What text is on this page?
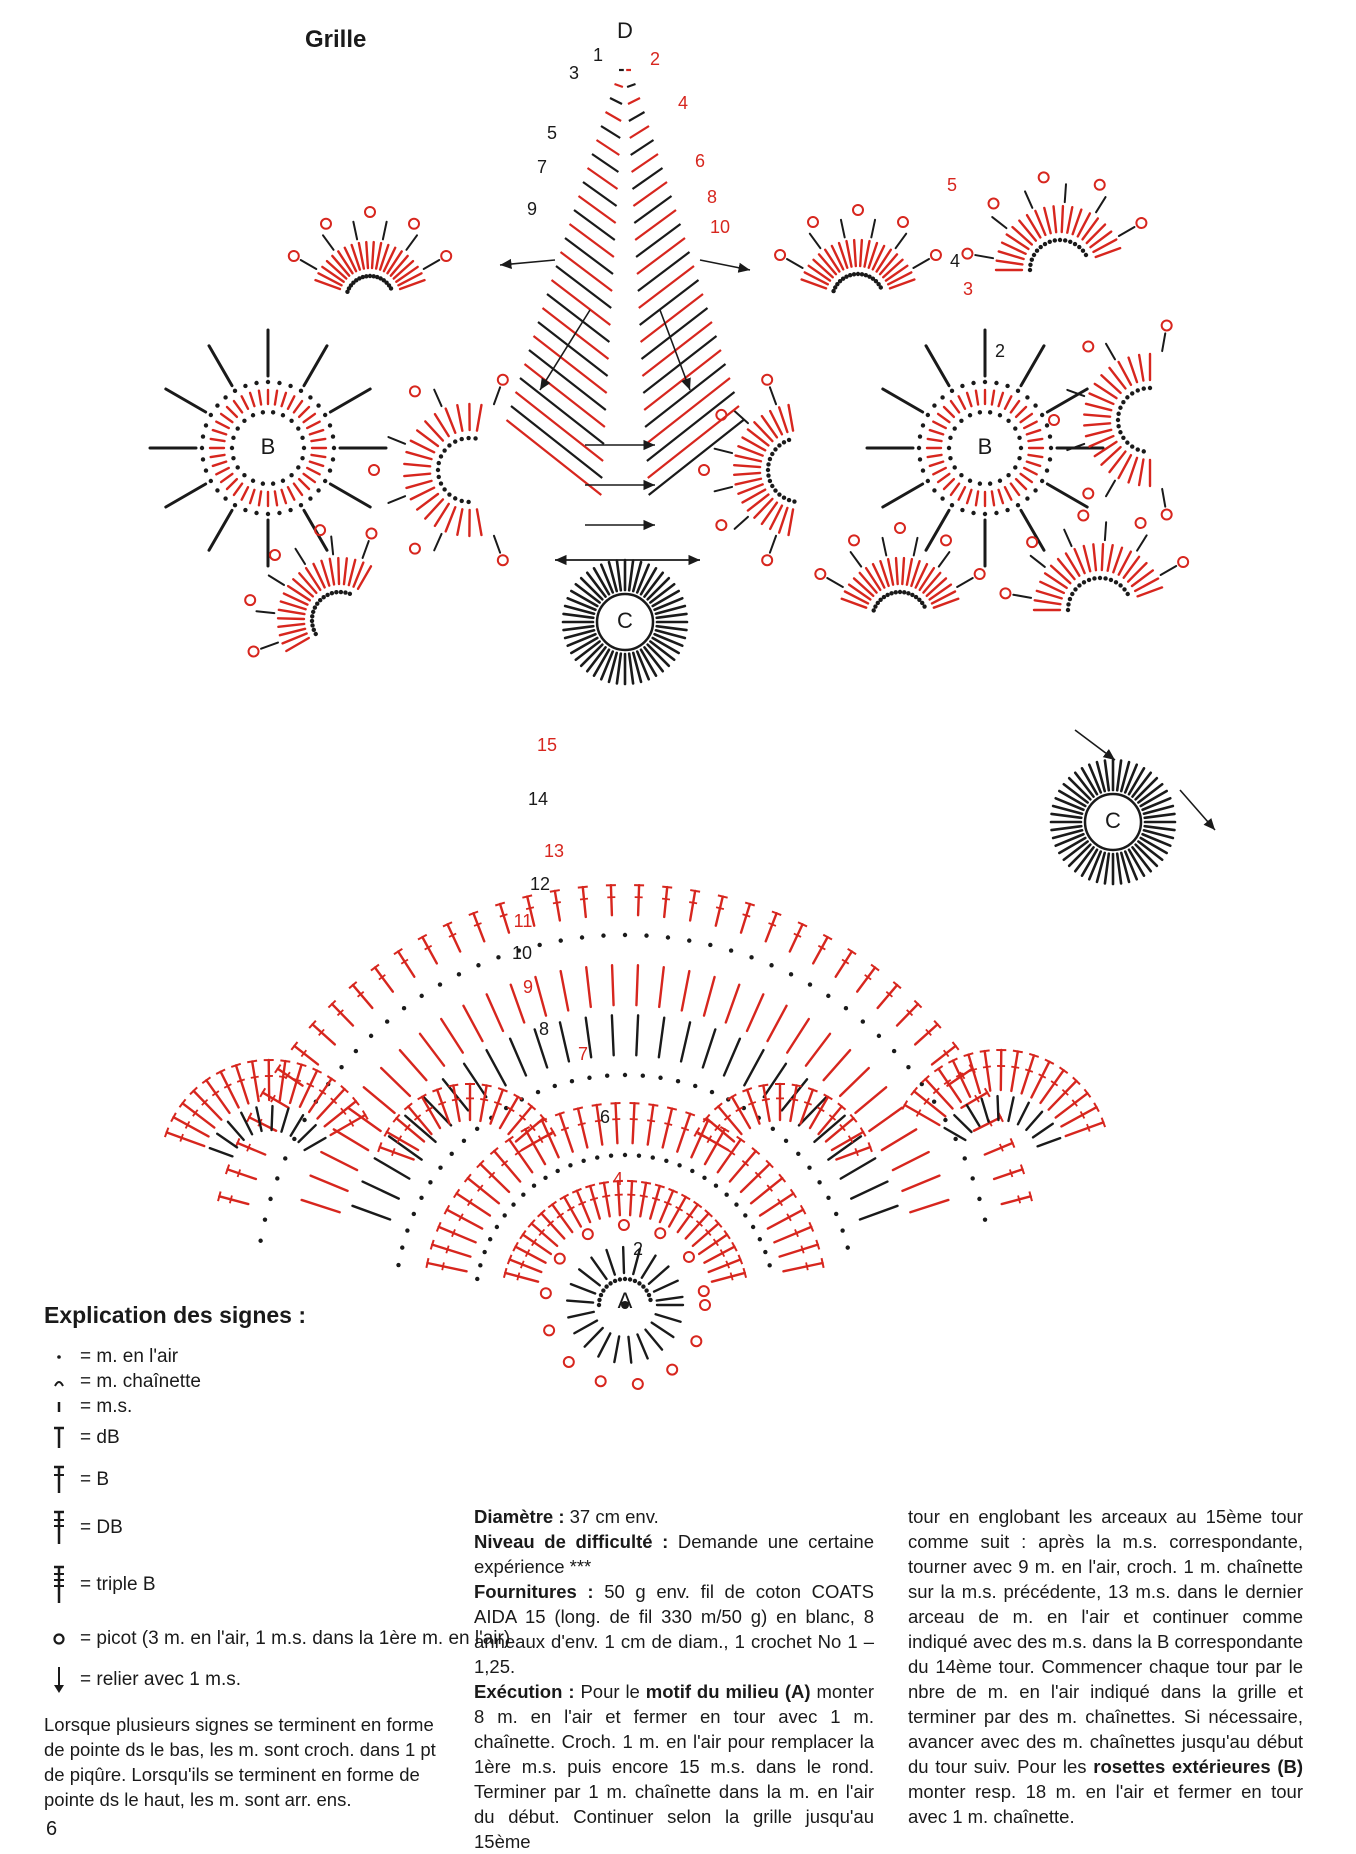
Grille	D
B	B
C
C
A
1	2
3
4
5
6
7
8
9
10
2
3
4
5
2
4
6
7
8
9
10
11
12
13
14
15
Explication des signes :
= m. en l'air
= m. chaînette
= m.s.
= dB
= B
= DB
= triple B
= picot (3 m. en l'air, 1 m.s. dans la 1ère m. en l'air)
= relier avec 1 m.s.
Lorsque plusieurs signes se terminent en forme de pointe ds le bas, les m. sont croch. dans 1 pt de piqûre. Lorsqu'ils se terminent en forme de pointe ds le haut, les m. sont arr. ens.
6
Diamètre : 37 cm env.
Niveau de difficulté : Demande une certaine expérience ***
Fournitures : 50 g env. fil de coton COATS AIDA 15 (long. de fil 330 m/50 g) en blanc, 8 anneaux d'env. 1 cm de diam., 1 crochet No 1 – 1,25.
Exécution : Pour le motif du milieu (A) monter 8 m. en l'air et fermer en tour avec 1 m. chaînette. Croch. 1 m. en l'air pour remplacer la 1ère m.s. puis encore 15 m.s. dans le rond. Terminer par 1 m. chaînette dans la m. en l'air du début. Continuer selon la grille jusqu'au 15ème
tour en englobant les arceaux au 15ème tour comme suit : après la m.s. correspondante, tourner avec 9 m. en l'air, croch. 1 m. chaînette sur la m.s. précédente, 13 m.s. dans le dernier arceau de m. en l'air et continuer comme indiqué avec des m.s. dans la B correspondante du 14ème tour. Commencer chaque tour par le nbre de m. en l'air indiqué dans la grille et terminer par des m. chaînettes. Si nécessaire, avancer avec des m. chaînettes jusqu'au début du tour suiv. Pour les rosettes extérieures (B) monter resp. 18 m. en l'air et fermer en tour avec 1 m. chaînette.
